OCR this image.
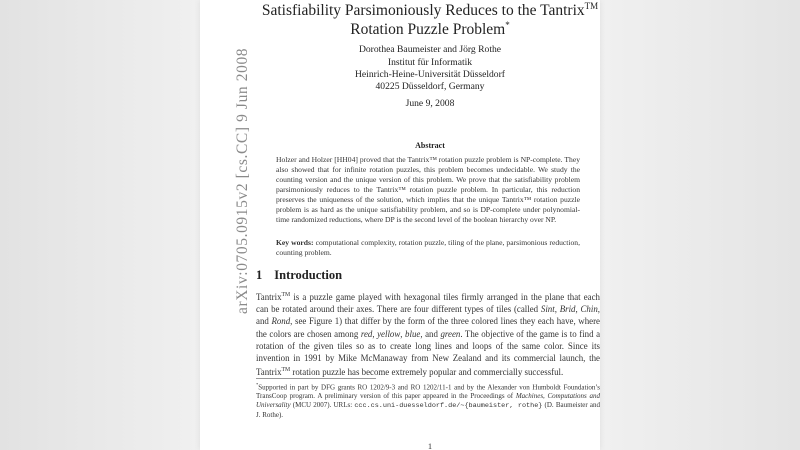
arXiv:0705.0915v2 [cs.CC] 9 Jun 2008
Satisfiability Parsimoniously Reduces to the Tantrix™
Rotation Puzzle Problem*
Dorothea Baumeister and Jörg Rothe
Institut für Informatik
Heinrich-Heine-Universität Düsseldorf
40225 Düsseldorf, Germany
June 9, 2008
Abstract
Holzer and Holzer [HH04] proved that the Tantrix™ rotation puzzle problem is NP-complete. They also showed that for infinite rotation puzzles, this problem becomes undecidable. We study the counting version and the unique version of this problem. We prove that the satisfiability problem parsimoniously reduces to the Tantrix™ rotation puzzle problem. In particular, this reduction preserves the uniqueness of the solution, which implies that the unique Tantrix™ rotation puzzle problem is as hard as the unique satisfiability problem, and so is DP-complete under polynomial-time randomized reductions, where DP is the second level of the boolean hierarchy over NP.
Key words: computational complexity, rotation puzzle, tiling of the plane, parsimonious reduction, counting problem.
1 Introduction
Tantrix™ is a puzzle game played with hexagonal tiles firmly arranged in the plane that each can be rotated around their axes. There are four different types of tiles (called Sint, Brid, Chin, and Rond, see Figure 1) that differ by the form of the three colored lines they each have, where the colors are chosen among red, yellow, blue, and green. The objective of the game is to find a rotation of the given tiles so as to create long lines and loops of the same color. Since its invention in 1991 by Mike McManaway from New Zealand and its commercial launch, the Tantrix™ rotation puzzle has become extremely popular and commercially successful.
*Supported in part by DFG grants RO 1202/9-3 and RO 1202/11-1 and by the Alexander von Humboldt Foundation’s TransCoop program. A preliminary version of this paper appeared in the Proceedings of Machines, Computations and Universality (MCU 2007). URLs: ccc.cs.uni-duesseldorf.de/~{baumeister, rothe} (D. Baumeister and J. Rothe).
1
